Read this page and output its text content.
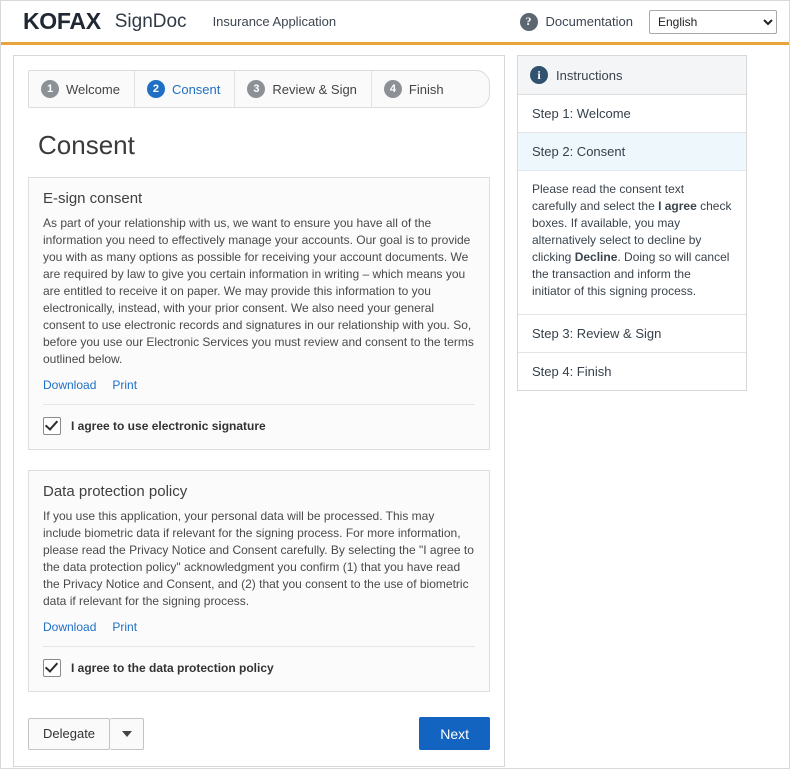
KOFAX SignDoc Insurance Application	?	Documentation
English
1 Welcome	2 Consent	3 Review & Sign	4 Finish
Consent
E-sign consent

As part of your relationship with us, we want to ensure you have all of the information you need to effectively manage your accounts. Our goal is to provide you with as many options as possible for receiving your account documents. We are required by law to give you certain information in writing – which means you are entitled to receive it on paper. We may provide this information to you electronically, instead, with your prior consent. We also need your general consent to use electronic records and signatures in our relationship with you. So, before you use our Electronic Services you must review and consent to the terms outlined below.

Download Print
I agree to use electronic signature
Data protection policy

If you use this application, your personal data will be processed. This may include biometric data if relevant for the signing process. For more information, please read the Privacy Notice and Consent carefully. By selecting the "I agree to the data protection policy" acknowledgment you confirm (1) that you have read the Privacy Notice and Consent, and (2) that you consent to the use of biometric data if relevant for the signing process.

Download Print
I agree to the data protection policy
Delegate	Next
i	Instructions
Step 1: Welcome
Step 2: Consent
Please read the consent text carefully and select the I agree check boxes. If available, you may alternatively select to decline by clicking Decline. Doing so will cancel the transaction and inform the initiator of this signing process.
Step 3: Review & Sign
Step 4: Finish
